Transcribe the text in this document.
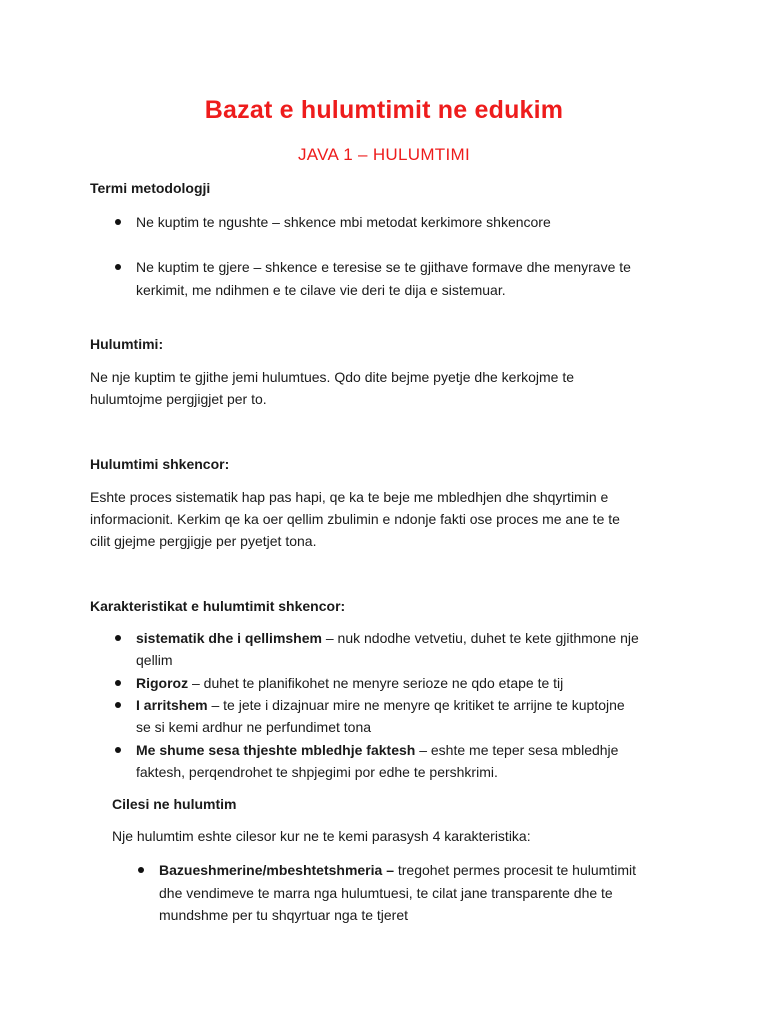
Bazat e hulumtimit ne edukim
JAVA 1 – HULUMTIMI
Termi metodologji
Ne kuptim te ngushte – shkence mbi metodat kerkimore shkencore
Ne kuptim te gjere – shkence e teresise se te gjithave formave dhe menyrave te
kerkimit, me ndihmen e te cilave vie deri te dija e sistemuar.
Hulumtimi:
Ne nje kuptim te gjithe jemi hulumtues. Qdo dite bejme pyetje dhe kerkojme te
hulumtojme pergjigjet per to.
Hulumtimi shkencor:
Eshte proces sistematik hap pas hapi, qe ka te beje me mbledhjen dhe shqyrtimin e
informacionit. Kerkim qe ka oer qellim zbulimin e ndonje fakti ose proces me ane te te
cilit gjejme pergjigje per pyetjet tona.
Karakteristikat e hulumtimit shkencor:
sistematik dhe i qellimshem – nuk ndodhe vetvetiu, duhet te kete gjithmone nje
qellim
Rigoroz – duhet te planifikohet ne menyre serioze ne qdo etape te tij
I arritshem – te jete i dizajnuar mire ne menyre qe kritiket te arrijne te kuptojne
se si kemi ardhur ne perfundimet tona
Me shume sesa thjeshte mbledhje faktesh – eshte me teper sesa mbledhje
faktesh, perqendrohet te shpjegimi por edhe te pershkrimi.
Cilesi ne hulumtim
Nje hulumtim eshte cilesor kur ne te kemi parasysh 4 karakteristika:
Bazueshmerine/mbeshtetshmeria – tregohet permes procesit te hulumtimit
dhe vendimeve te marra nga hulumtuesi, te cilat jane transparente dhe te
mundshme per tu shqyrtuar nga te tjeret
